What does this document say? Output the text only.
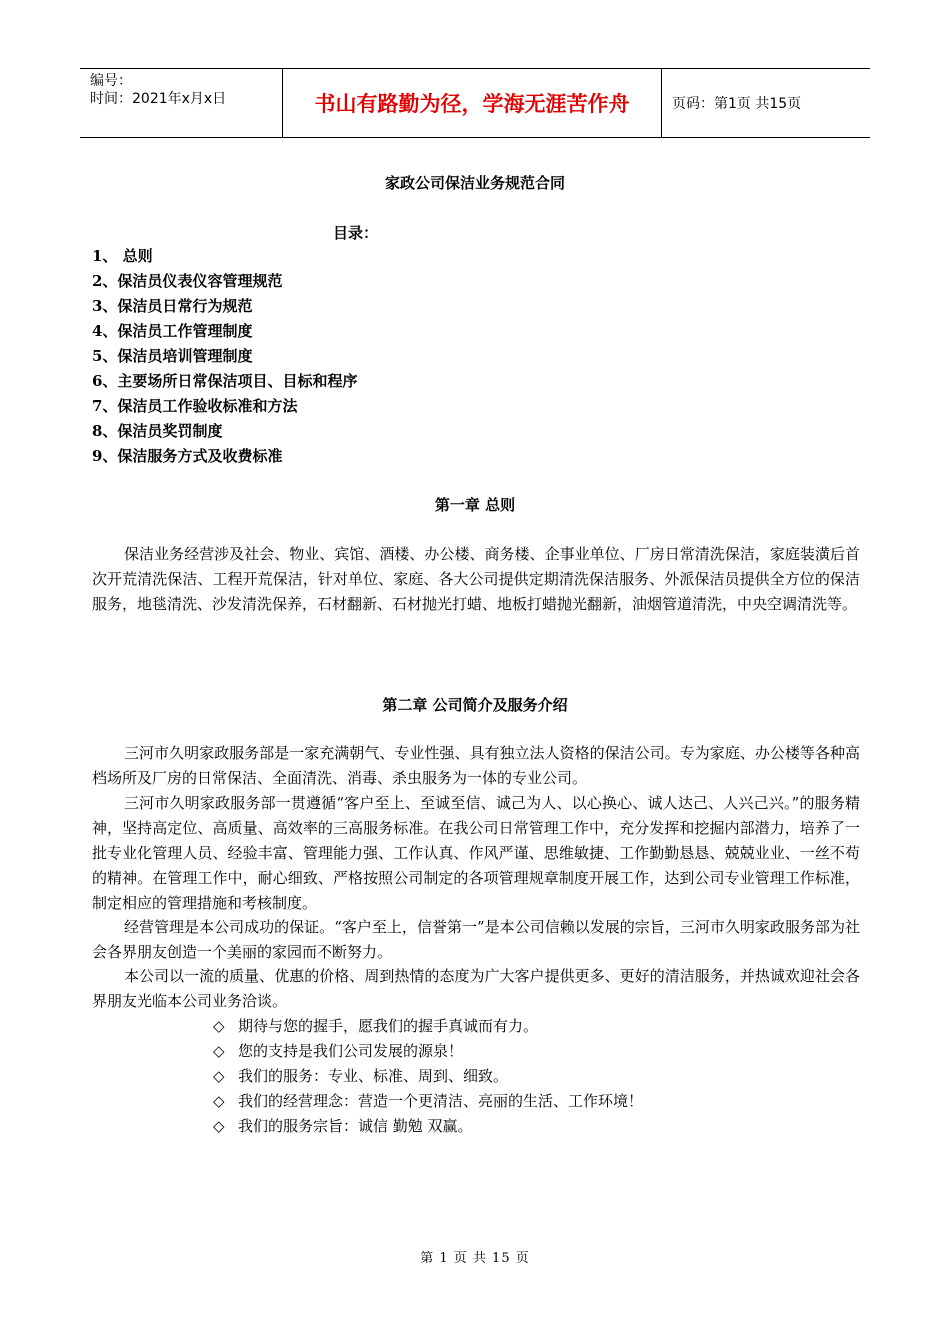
编号：
时间：2021年x月x日	书山有路勤为径，学海无涯苦作舟	页码：第1页 共15页
家政公司保洁业务规范合同
目录：
1、 总则
2、保洁员仪表仪容管理规范
3、保洁员日常行为规范
4、保洁员工作管理制度
5、保洁员培训管理制度
6、主要场所日常保洁项目、目标和程序
7、保洁员工作验收标准和方法
8、保洁员奖罚制度
9、保洁服务方式及收费标准
第一章 总则

保洁业务经营涉及社会、物业、宾馆、酒楼、办公楼、商务楼、企事业单位、厂房日常清洗保洁，家庭装潢后首次开荒清洗保洁、工程开荒保洁，针对单位、家庭、各大公司提供定期清洗保洁服务、外派保洁员提供全方位的保洁服务，地毯清洗、沙发清洗保养，石材翻新、石材抛光打蜡、地板打蜡抛光翻新，油烟管道清洗，中央空调清洗等。

第二章 公司简介及服务介绍

三河市久明家政服务部是一家充满朝气、专业性强、具有独立法人资格的保洁公司。专为家庭、办公楼等各种高档场所及厂房的日常保洁、全面清洗、消毒、杀虫服务为一体的专业公司。

三河市久明家政服务部一贯遵循“客户至上、至诚至信、诚己为人、以心换心、诚人达己、人兴己兴。”的服务精神，坚持高定位、高质量、高效率的三高服务标准。在我公司日常管理工作中，充分发挥和挖掘内部潜力，培养了一批专业化管理人员、经验丰富、管理能力强、工作认真、作风严谨、思维敏捷、工作勤勤恳恳、兢兢业业、一丝不苟的精神。在管理工作中，耐心细致、严格按照公司制定的各项管理规章制度开展工作，达到公司专业管理工作标准，制定相应的管理措施和考核制度。

经营管理是本公司成功的保证。“客户至上，信誉第一”是本公司信赖以发展的宗旨，三河市久明家政服务部为社会各界朋友创造一个美丽的家园而不断努力。

本公司以一流的质量、优惠的价格、周到热情的态度为广大客户提供更多、更好的清洁服务，并热诚欢迎社会各界朋友光临本公司业务洽谈。

◇ 期待与您的握手，愿我们的握手真诚而有力。
◇ 您的支持是我们公司发展的源泉！
◇ 我们的服务：专业、标准、周到、细致。
◇ 我们的经营理念：营造一个更清洁、亮丽的生活、工作环境！
◇ 我们的服务宗旨：诚信 勤勉 双赢。
第 1 页 共 15 页
